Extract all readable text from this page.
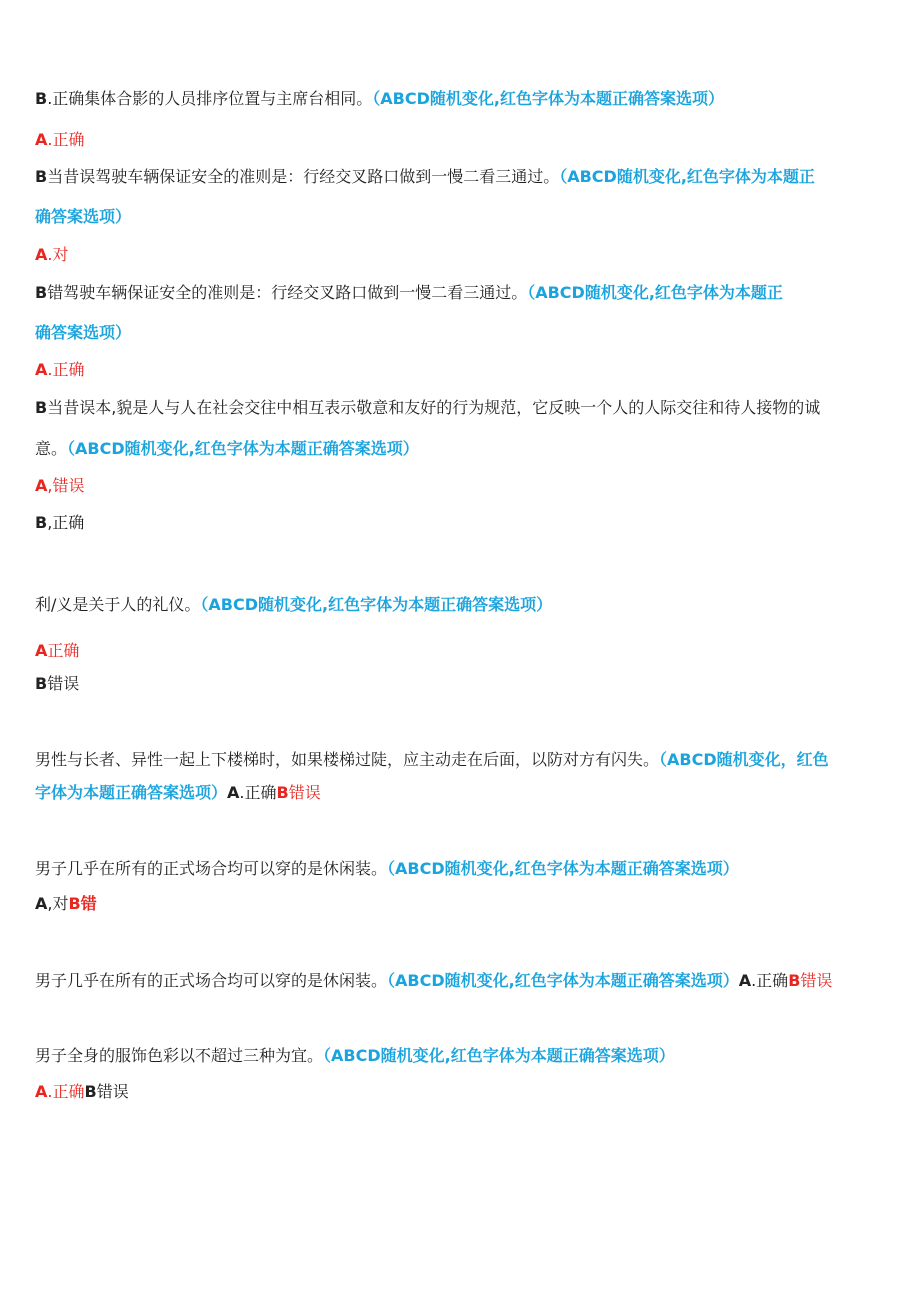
B.正确集体合影的人员排序位置与主席台相同。（ABCD随机变化,红色字体为本题正确答案选项）
A.正确
B当昔误驾驶车辆保证安全的准则是：行经交叉路口做到一慢二看三通过。（ABCD随机变化,红色字体为本题正
确答案选项）
A.对
B错驾驶车辆保证安全的准则是：行经交叉路口做到一慢二看三通过。（ABCD随机变化,红色字体为本题正
确答案选项）
A.正确
B当昔误本,貌是人与人在社会交往中相互表示敬意和友好的行为规范，它反映一个人的人际交往和待人接物的诚
意。（ABCD随机变化,红色字体为本题正确答案选项）
A,错误
B,正确
利/义是关于人的礼仪。（ABCD随机变化,红色字体为本题正确答案选项）
A正确
B错误
男性与长者、异性一起上下楼梯时，如果楼梯过陡，应主动走在后面，以防对方有闪失。（ABCD随机变化，红色
字体为本题正确答案选项）A.正确B错误
男子几乎在所有的正式场合均可以穿的是休闲装。（ABCD随机变化,红色字体为本题正确答案选项）
A,对B错
男子几乎在所有的正式场合均可以穿的是休闲装。（ABCD随机变化,红色字体为本题正确答案选项）A.正确B错误
男子全身的服饰色彩以不超过三种为宜。（ABCD随机变化,红色字体为本题正确答案选项）
A.正确B错误
